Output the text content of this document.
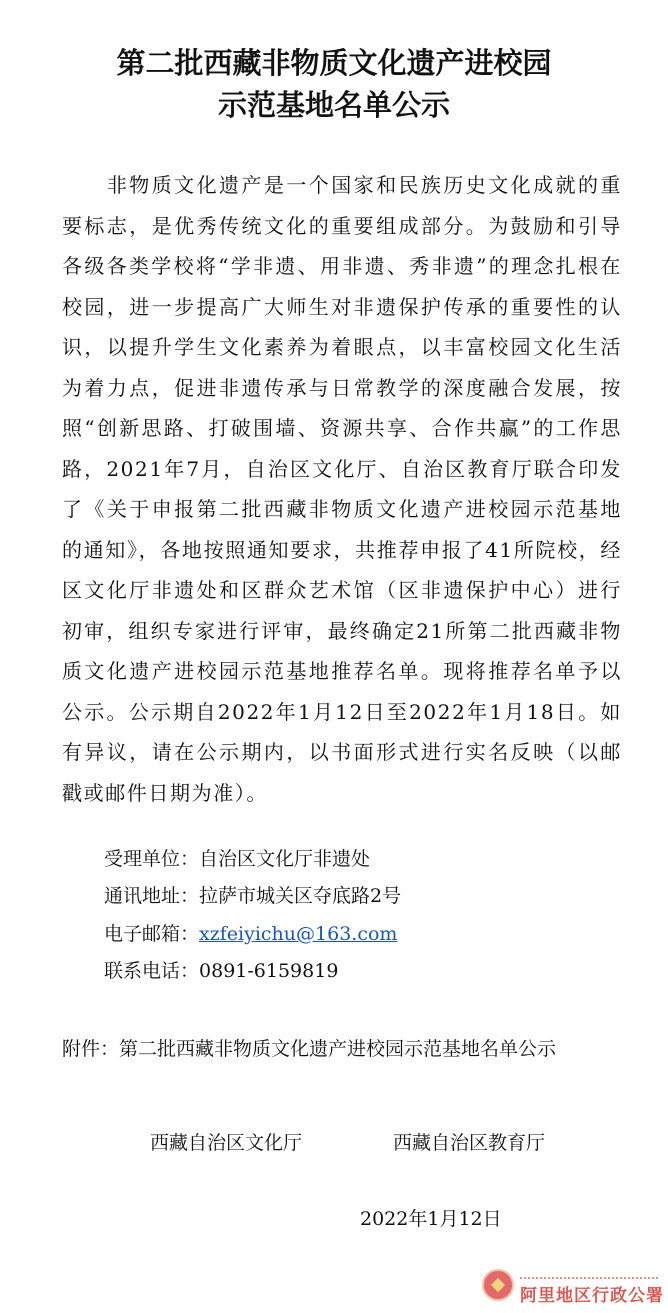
第二批西藏非物质文化遗产进校园
示范基地名单公示

　　非物质文化遗产是一个国家和民族历史文化成就的重要标志，是优秀传统文化的重要组成部分。为鼓励和引导各级各类学校将“学非遗、用非遗、秀非遗”的理念扎根在校园，进一步提高广大师生对非遗保护传承的重要性的认识，以提升学生文化素养为着眼点，以丰富校园文化生活为着力点，促进非遗传承与日常教学的深度融合发展，按照“创新思路、打破围墙、资源共享、合作共赢”的工作思路，2021年7月，自治区文化厅、自治区教育厅联合印发了《关于申报第二批西藏非物质文化遗产进校园示范基地的通知》，各地按照通知要求，共推荐申报了41所院校，经区文化厅非遗处和区群众艺术馆（区非遗保护中心）进行初审，组织专家进行评审，最终确定21所第二批西藏非物质文化遗产进校园示范基地推荐名单。现将推荐名单予以公示。公示期自2022年1月12日至2022年1月18日。如有异议，请在公示期内，以书面形式进行实名反映（以邮戳或邮件日期为准）。

受理单位：自治区文化厅非遗处
通讯地址：拉萨市城关区夺底路2号
电子邮箱：xzfeiyichu@163.com
联系电话：0891-6159819
附件：第二批西藏非物质文化遗产进校园示范基地名单公示
西藏自治区文化厅	西藏自治区教育厅
2022年1月12日
阿里地区行政公署
